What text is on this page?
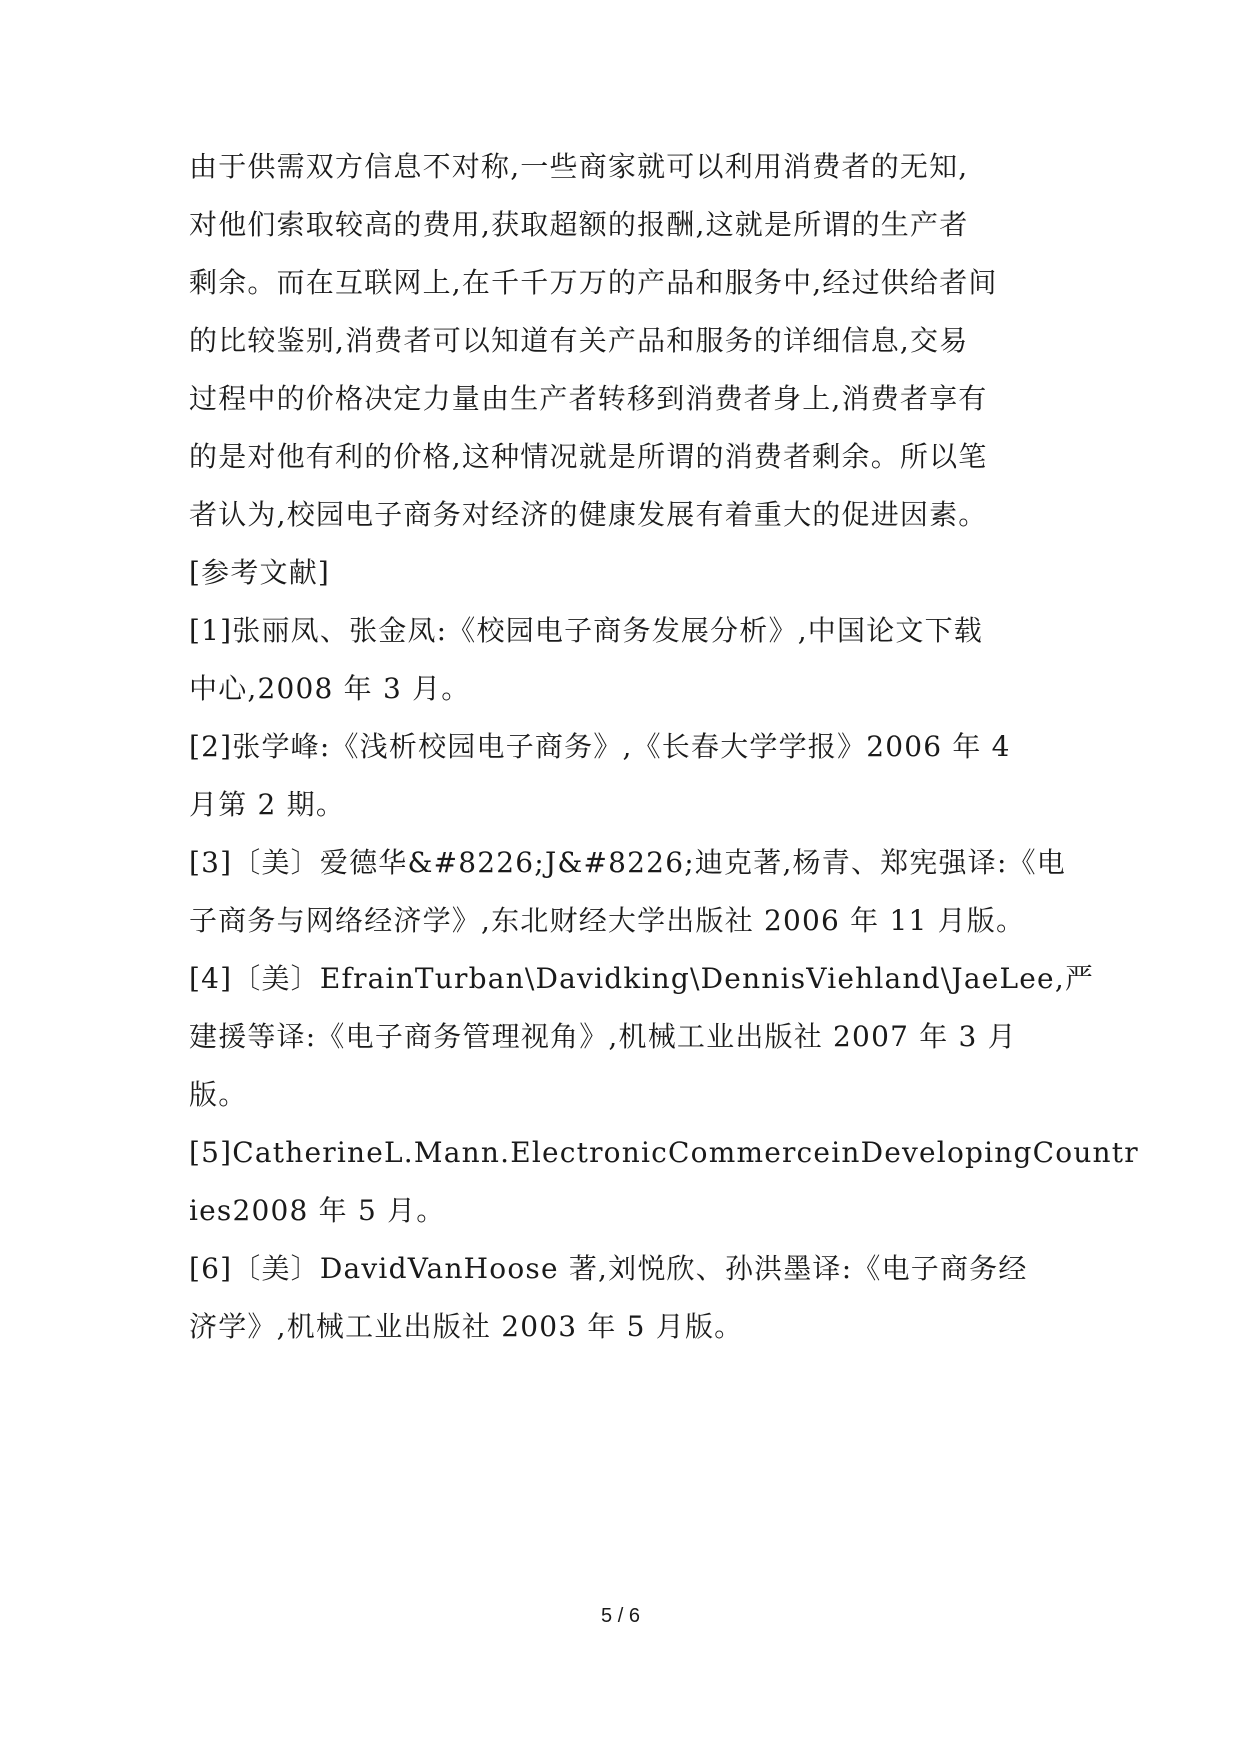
由于供需双方信息不对称,一些商家就可以利用消费者的无知,
对他们索取较高的费用,获取超额的报酬,这就是所谓的生产者
剩余。而在互联网上,在千千万万的产品和服务中,经过供给者间
的比较鉴别,消费者可以知道有关产品和服务的详细信息,交易
过程中的价格决定力量由生产者转移到消费者身上,消费者享有
的是对他有利的价格,这种情况就是所谓的消费者剩余。所以笔
者认为,校园电子商务对经济的健康发展有着重大的促进因素。
[参考文献]
[1]张丽凤、张金凤:《校园电子商务发展分析》,中国论文下载
中心,2008 年 3 月。
[2]张学峰:《浅析校园电子商务》,《长春大学学报》2006 年 4
月第 2 期。
[3]〔美〕爱德华&#8226;J&#8226;迪克著,杨青、郑宪强译:《电
子商务与网络经济学》,东北财经大学出版社 2006 年 11 月版。
[4]〔美〕EfrainTurban\Davidking\DennisViehland\JaeLee,严
建援等译:《电子商务管理视角》,机械工业出版社 2007 年 3 月
版。
[5]CatherineL.Mann.ElectronicCommerceinDevelopingCountr
ies2008 年 5 月。
[6]〔美〕DavidVanHoose 著,刘悦欣、孙洪墨译:《电子商务经
济学》,机械工业出版社 2003 年 5 月版。
5 / 6
